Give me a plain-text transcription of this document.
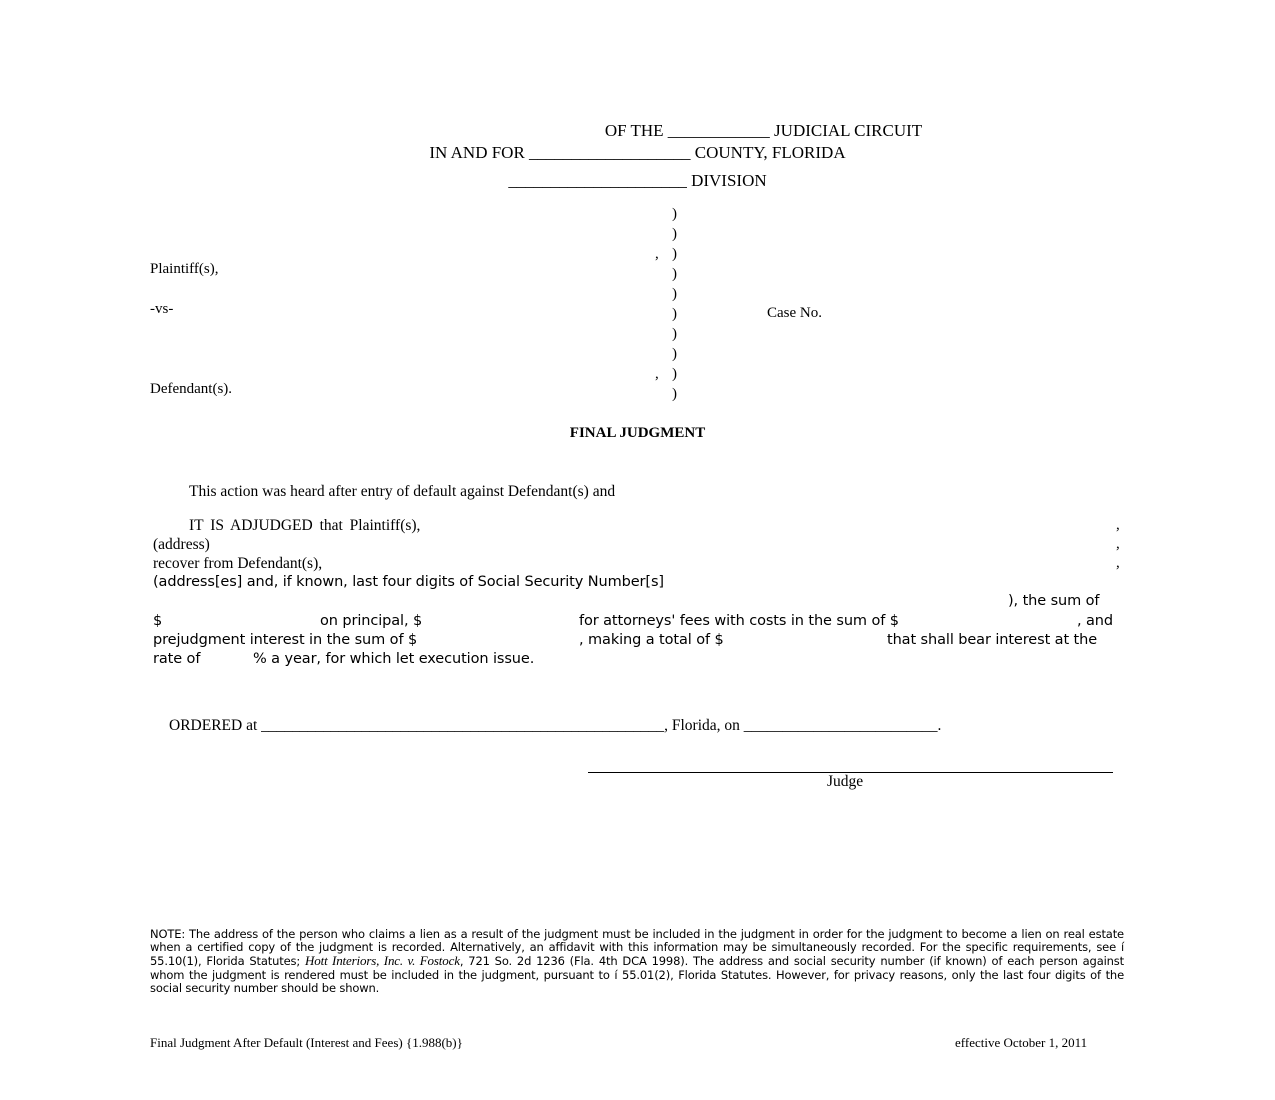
OF THE ____________ JUDICIAL CIRCUIT
IN AND FOR ___________________ COUNTY, FLORIDA
_____________________ DIVISION
)
)
, )
)
)
)
)
)
, )
)
Plaintiff(s),
-vs-
Defendant(s).
Case No.
FINAL JUDGMENT
This action was heard after entry of default against Defendant(s) and
IT IS ADJUDGED that Plaintiff(s),	,
(address)	,
recover from Defendant(s),	,
(address[es] and, if known, last four digits of Social Security Number[s]
), the sum of
$	on principal, $	for attorneys' fees with costs in the sum of $	, and
prejudgment interest in the sum of $	, making a total of $	that shall bear interest at the
rate of	% a year, for which let execution issue.
ORDERED at ____________________________________________________, Florida, on _________________________.
Judge
NOTE: The address of the person who claims a lien as a result of the judgment must be included in the judgment in order for the judgment to become a lien on real estate when a certified copy of the judgment is recorded. Alternatively, an affidavit with this information may be simultaneously recorded. For the specific requirements, see í 55.10(1), Florida Statutes; Hott Interiors, Inc. v. Fostock, 721 So. 2d 1236 (Fla. 4th DCA 1998). The address and social security number (if known) of each person against whom the judgment is rendered must be included in the judgment, pursuant to í 55.01(2), Florida Statutes. However, for privacy reasons, only the last four digits of the social security number should be shown.
Final Judgment After Default (Interest and Fees) {1.988(b)}	effective October 1, 2011
